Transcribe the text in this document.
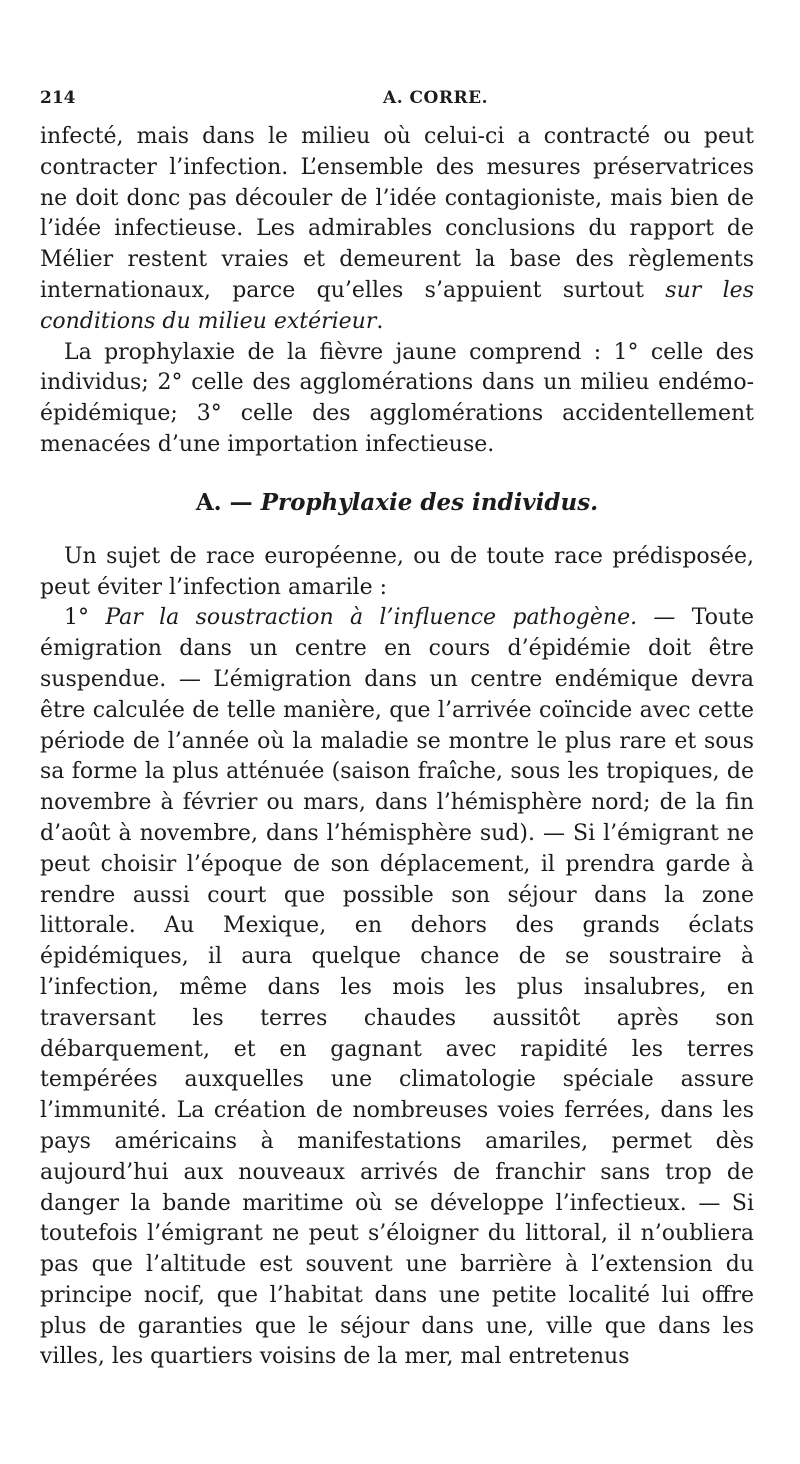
214	A. CORRE.

infecté, mais dans le milieu où celui-ci a contracté ou peut contracter l’infection. L’ensemble des mesures préservatrices ne doit donc pas découler de l’idée contagioniste, mais bien de l’idée infectieuse. Les admirables conclusions du rapport de Mélier restent vraies et demeurent la base des règlements internationaux, parce qu’elles s’appuient surtout sur les conditions du milieu extérieur.

La prophylaxie de la fièvre jaune comprend : 1° celle des individus; 2° celle des agglomérations dans un milieu endémo-épidémique; 3° celle des agglomérations accidentellement menacées d’une importation infectieuse.

A. — Prophylaxie des individus.

Un sujet de race européenne, ou de toute race prédisposée, peut éviter l’infection amarile :

1° Par la soustraction à l’influence pathogène. — Toute émigration dans un centre en cours d’épidémie doit être suspendue. — L’émigration dans un centre endémique devra être calculée de telle manière, que l’arrivée coïncide avec cette période de l’année où la maladie se montre le plus rare et sous sa forme la plus atténuée (saison fraîche, sous les tropiques, de novembre à février ou mars, dans l’hémisphère nord; de la fin d’août à novembre, dans l’hémisphère sud). — Si l’émigrant ne peut choisir l’époque de son déplacement, il prendra garde à rendre aussi court que possible son séjour dans la zone littorale. Au Mexique, en dehors des grands éclats épidémiques, il aura quelque chance de se soustraire à l’infection, même dans les mois les plus insalubres, en traversant les terres chaudes aussitôt après son débarquement, et en gagnant avec rapidité les terres tempérées auxquelles une climatologie spéciale assure l’immunité. La création de nombreuses voies ferrées, dans les pays américains à manifestations amariles, permet dès aujourd’hui aux nouveaux arrivés de franchir sans trop de danger la bande maritime où se développe l’infectieux. — Si toutefois l’émigrant ne peut s’éloigner du littoral, il n’oubliera pas que l’altitude est souvent une barrière à l’extension du principe nocif, que l’habitat dans une petite localité lui offre plus de garanties que le séjour dans une, ville que dans les villes, les quartiers voisins de la mer, mal entretenus
